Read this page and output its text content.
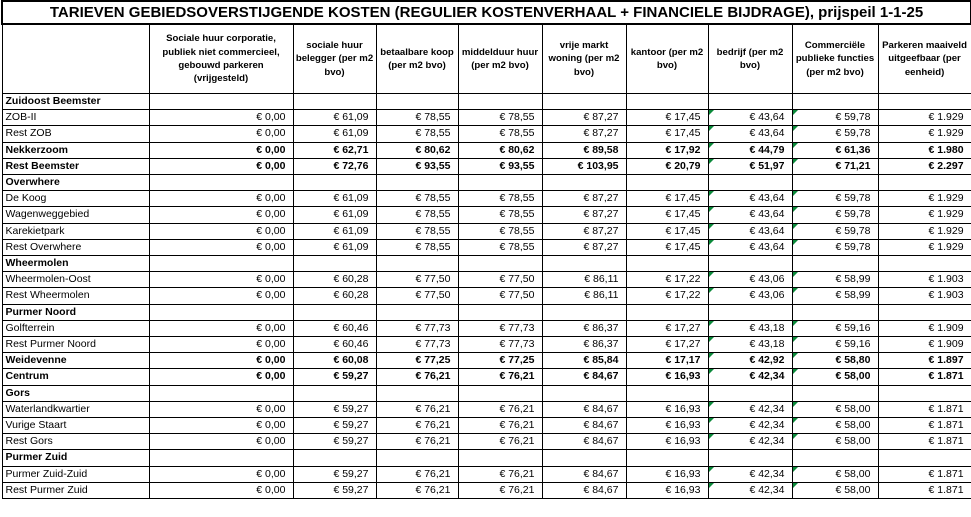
TARIEVEN GEBIEDSOVERSTIJGENDE KOSTEN (REGULIER KOSTENVERHAAL + FINANCIELE BIJDRAGE), prijspeil 1-1-25									
	Sociale huur corporatie, publiek niet commercieel, gebouwd parkeren (vrijgesteld)	sociale huur belegger (per m2 bvo)	betaalbare koop (per m2 bvo)	middelduur huur (per m2 bvo)	vrije markt woning (per m2 bvo)	kantoor (per m2 bvo)	bedrijf (per m2 bvo)	Commerciële publieke functies (per m2 bvo)	Parkeren maaiveld uitgeefbaar (per eenheid)
Zuidoost Beemster									
ZOB-II	€ 0,00	€ 61,09	€ 78,55	€ 78,55	€ 87,27	€ 17,45	€ 43,64	€ 59,78	€ 1.929
Rest ZOB	€ 0,00	€ 61,09	€ 78,55	€ 78,55	€ 87,27	€ 17,45	€ 43,64	€ 59,78	€ 1.929
Nekkerzoom	€ 0,00	€ 62,71	€ 80,62	€ 80,62	€ 89,58	€ 17,92	€ 44,79	€ 61,36	€ 1.980
Rest Beemster	€ 0,00	€ 72,76	€ 93,55	€ 93,55	€ 103,95	€ 20,79	€ 51,97	€ 71,21	€ 2.297
Overwhere									
De Koog	€ 0,00	€ 61,09	€ 78,55	€ 78,55	€ 87,27	€ 17,45	€ 43,64	€ 59,78	€ 1.929
Wagenweggebied	€ 0,00	€ 61,09	€ 78,55	€ 78,55	€ 87,27	€ 17,45	€ 43,64	€ 59,78	€ 1.929
Karekietpark	€ 0,00	€ 61,09	€ 78,55	€ 78,55	€ 87,27	€ 17,45	€ 43,64	€ 59,78	€ 1.929
Rest Overwhere	€ 0,00	€ 61,09	€ 78,55	€ 78,55	€ 87,27	€ 17,45	€ 43,64	€ 59,78	€ 1.929
Wheermolen									
Wheermolen-Oost	€ 0,00	€ 60,28	€ 77,50	€ 77,50	€ 86,11	€ 17,22	€ 43,06	€ 58,99	€ 1.903
Rest Wheermolen	€ 0,00	€ 60,28	€ 77,50	€ 77,50	€ 86,11	€ 17,22	€ 43,06	€ 58,99	€ 1.903
Purmer Noord									
Golfterrein	€ 0,00	€ 60,46	€ 77,73	€ 77,73	€ 86,37	€ 17,27	€ 43,18	€ 59,16	€ 1.909
Rest Purmer Noord	€ 0,00	€ 60,46	€ 77,73	€ 77,73	€ 86,37	€ 17,27	€ 43,18	€ 59,16	€ 1.909
Weidevenne	€ 0,00	€ 60,08	€ 77,25	€ 77,25	€ 85,84	€ 17,17	€ 42,92	€ 58,80	€ 1.897
Centrum	€ 0,00	€ 59,27	€ 76,21	€ 76,21	€ 84,67	€ 16,93	€ 42,34	€ 58,00	€ 1.871
Gors									
Waterlandkwartier	€ 0,00	€ 59,27	€ 76,21	€ 76,21	€ 84,67	€ 16,93	€ 42,34	€ 58,00	€ 1.871
Vurige Staart	€ 0,00	€ 59,27	€ 76,21	€ 76,21	€ 84,67	€ 16,93	€ 42,34	€ 58,00	€ 1.871
Rest Gors	€ 0,00	€ 59,27	€ 76,21	€ 76,21	€ 84,67	€ 16,93	€ 42,34	€ 58,00	€ 1.871
Purmer Zuid									
Purmer Zuid-Zuid	€ 0,00	€ 59,27	€ 76,21	€ 76,21	€ 84,67	€ 16,93	€ 42,34	€ 58,00	€ 1.871
Rest Purmer Zuid	€ 0,00	€ 59,27	€ 76,21	€ 76,21	€ 84,67	€ 16,93	€ 42,34	€ 58,00	€ 1.871
